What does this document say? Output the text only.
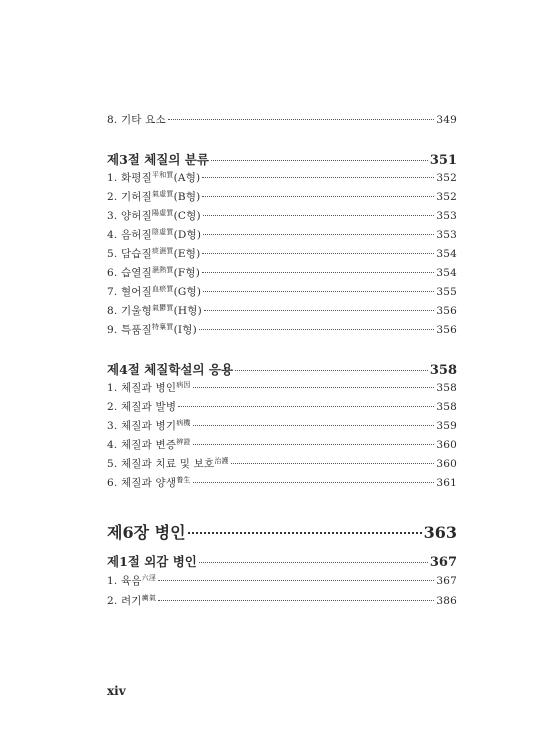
8. 기타 요소	349
제3절 체질의 분류	351
1. 화평질$^{平和質}$(A형)	352
2. 기허질$^{氣虛質}$(B형)	352
3. 양허질$^{陽虛質}$(C형)	353
4. 음허질$^{陰虛質}$(D형)	353
5. 담습질$^{痰濕質}$(E형)	354
6. 습열질$^{濕熱質}$(F형)	354
7. 혈어질$^{血瘀質}$(G형)	355
8. 기울형$^{氣鬱質}$(H형)	356
9. 특품질$^{特稟質}$(I형)	356
제4절 체질학설의 응용	358
1. 체질과 병인$^{病因}$	358
2. 체질과 발병	358
3. 체질과 병기$^{病機}$	359
4. 체질과 변증$^{辨證}$	360
5. 체질과 치료 및 보호$^{治護}$	360
6. 체질과 양생$^{養生}$	361
제6장 병인	363
제1절 외감 병인	367
1. 육음$^{六淫}$	367
2. 려기$^{癘氣}$	386
xiv
